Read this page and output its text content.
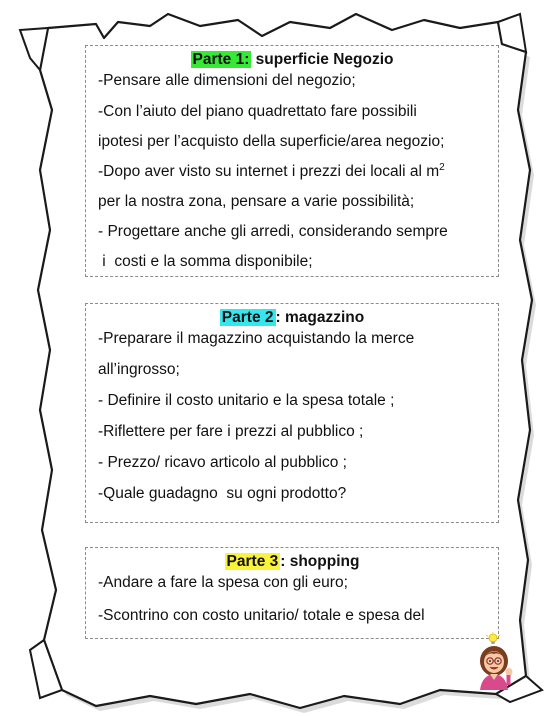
Parte 1: superficie Negozio
-Pensare alle dimensioni del negozio;
-Con l’aiuto del piano quadrettato fare possibili
ipotesi per l’acquisto della superficie/area negozio;
-Dopo aver visto su internet i prezzi dei locali al $m^2$
per la nostra zona, pensare a varie possibilità;
- Progettare anche gli arredi, considerando sempre
i  costi e la somma disponibile;
Parte 2 : magazzino
-Preparare il magazzino acquistando la merce
all’ingrosso;
- Definire il costo unitario e la spesa totale ;
-Riflettere per fare i prezzi al pubblico ;
- Prezzo/ ricavo articolo al pubblico ;
-Quale guadagno  su ogni prodotto?
Parte 3 : shopping
-Andare a fare la spesa con gli euro;
-Scontrino con costo unitario/ totale e spesa del
